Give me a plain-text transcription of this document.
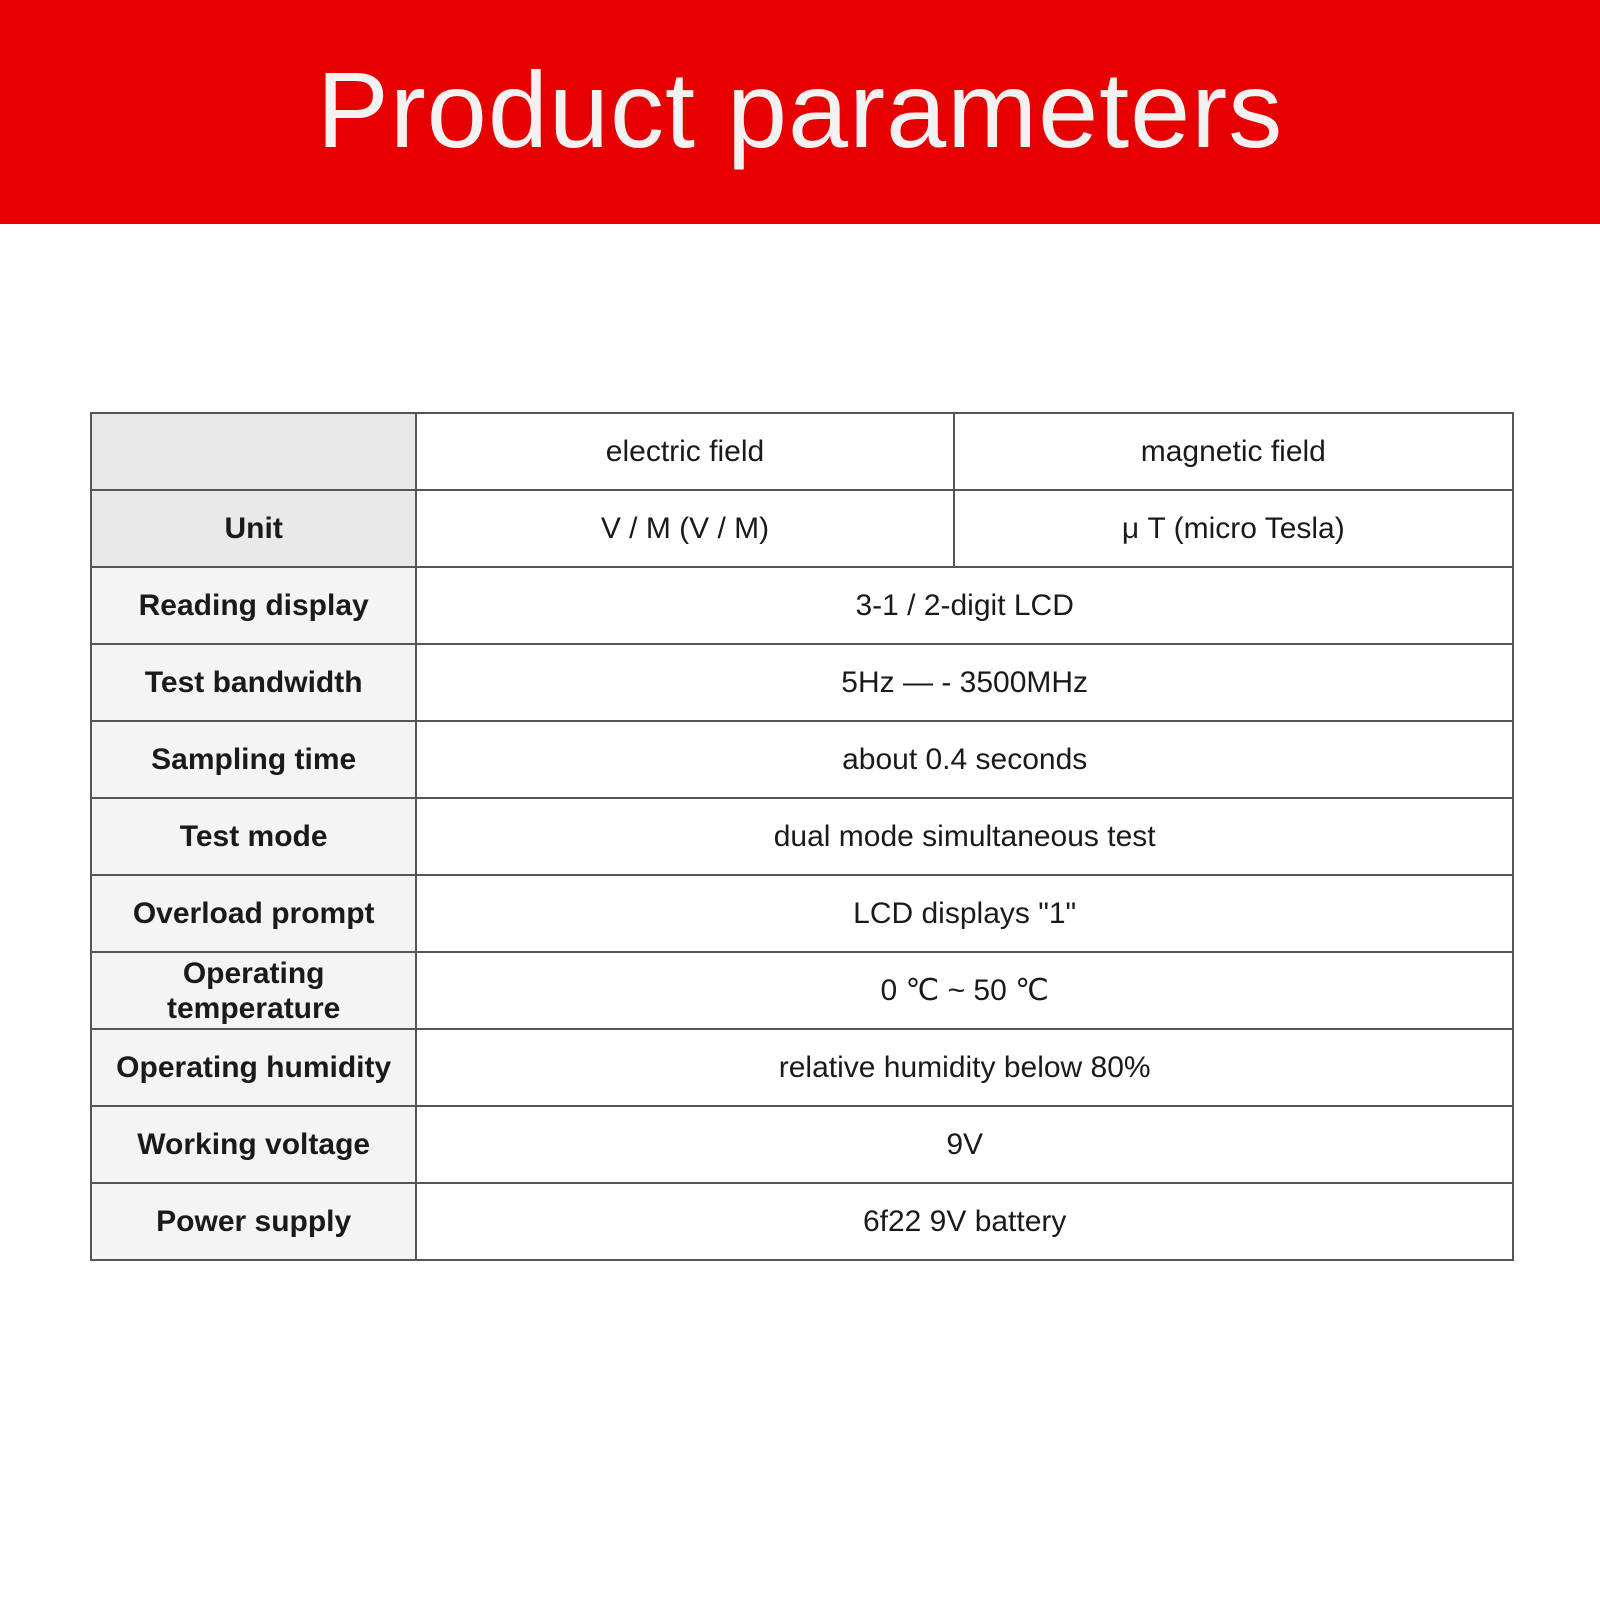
Product parameters
	electric field	magnetic field
Unit	V / M (V / M)	μ T (micro Tesla)
Reading display	3-1 / 2-digit LCD	
Test bandwidth	5Hz — - 3500MHz	
Sampling time	about 0.4 seconds	
Test mode	dual mode simultaneous test	
Overload prompt	LCD displays "1"	
Operating temperature	0 ℃ ~ 50 ℃	
Operating humidity	relative humidity below 80%	
Working voltage	9V	
Power supply	6f22 9V battery	
